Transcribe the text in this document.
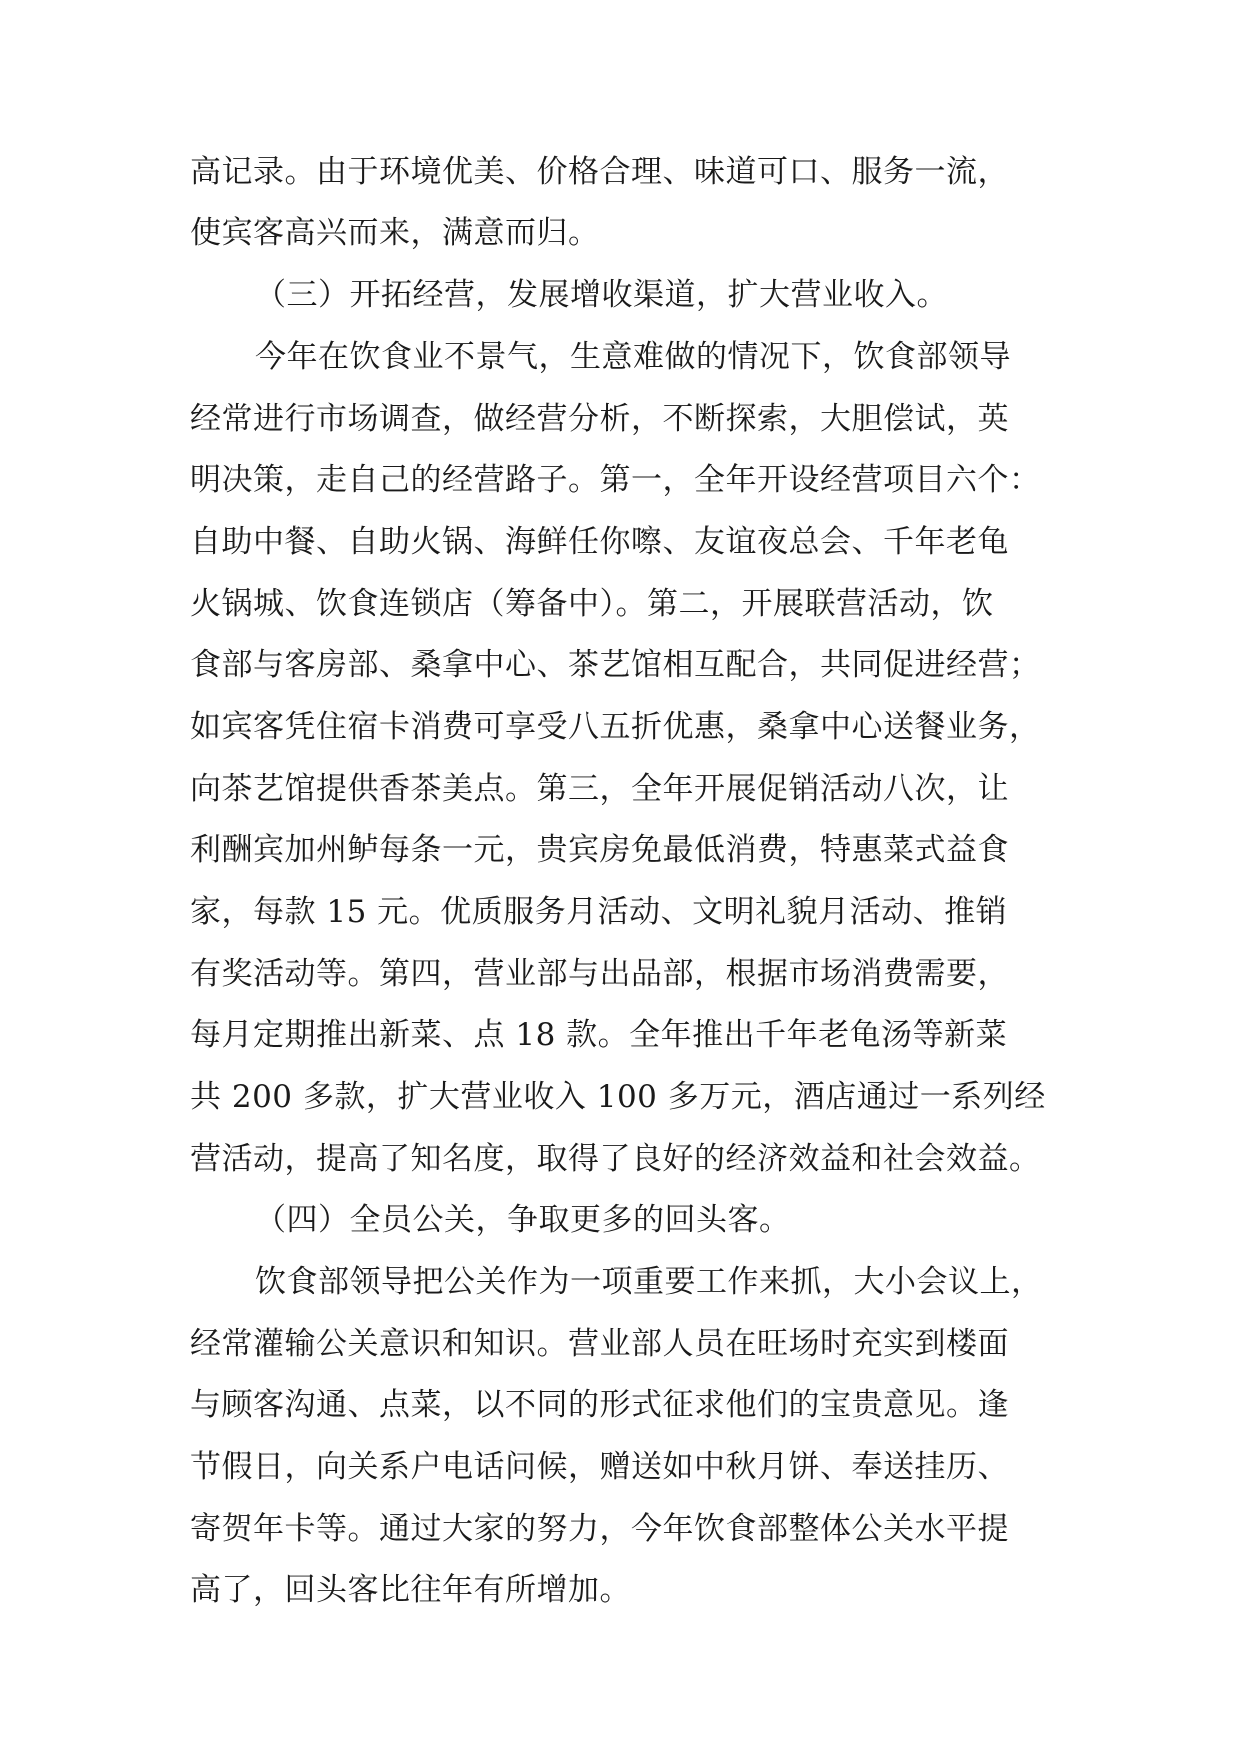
高记录。由于环境优美、价格合理、味道可口、服务一流，
使宾客高兴而来，满意而归。
（三）开拓经营，发展增收渠道，扩大营业收入。
今年在饮食业不景气，生意难做的情况下，饮食部领导
经常进行市场调查，做经营分析，不断探索，大胆偿试，英
明决策，走自己的经营路子。第一，全年开设经营项目六个：
自助中餐、自助火锅、海鲜任你嚓、友谊夜总会、千年老龟
火锅城、饮食连锁店（筹备中）。第二，开展联营活动，饮
食部与客房部、桑拿中心、茶艺馆相互配合，共同促进经营；
如宾客凭住宿卡消费可享受八五折优惠，桑拿中心送餐业务，
向茶艺馆提供香茶美点。第三，全年开展促销活动八次，让
利酬宾加州鲈每条一元，贵宾房免最低消费，特惠菜式益食
家，每款 15 元。优质服务月活动、文明礼貌月活动、推销
有奖活动等。第四，营业部与出品部，根据市场消费需要，
每月定期推出新菜、点 18 款。全年推出千年老龟汤等新菜
共 200 多款，扩大营业收入 100 多万元，酒店通过一系列经
营活动，提高了知名度，取得了良好的经济效益和社会效益。
（四）全员公关，争取更多的回头客。
饮食部领导把公关作为一项重要工作来抓，大小会议上，
经常灌输公关意识和知识。营业部人员在旺场时充实到楼面
与顾客沟通、点菜，以不同的形式征求他们的宝贵意见。逢
节假日，向关系户电话问候，赠送如中秋月饼、奉送挂历、
寄贺年卡等。通过大家的努力，今年饮食部整体公关水平提
高了，回头客比往年有所增加。
